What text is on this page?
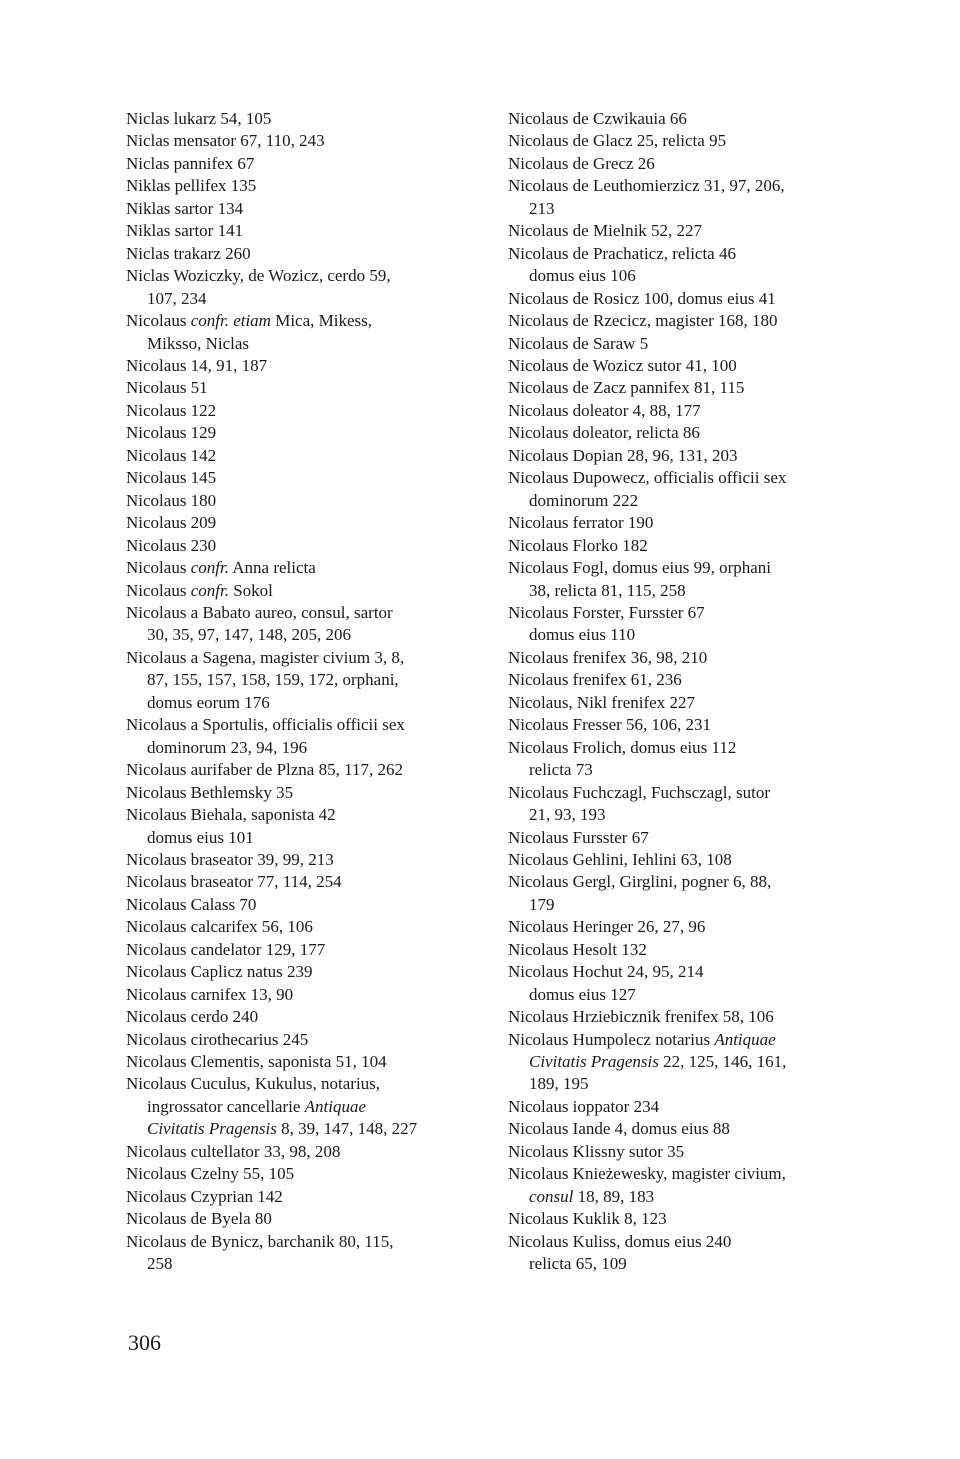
Niclas lukarz 54, 105
Niclas mensator 67, 110, 243
Niclas pannifex 67
Niklas pellifex 135
Niklas sartor 134
Niklas sartor 141
Niclas trakarz 260
Niclas Woziczky, de Wozicz, cerdo 59,
107, 234
Nicolaus confr. etiam Mica, Mikess,
Miksso, Niclas
Nicolaus 14, 91, 187
Nicolaus 51
Nicolaus 122
Nicolaus 129
Nicolaus 142
Nicolaus 145
Nicolaus 180
Nicolaus 209
Nicolaus 230
Nicolaus confr. Anna relicta
Nicolaus confr. Sokol
Nicolaus a Babato aureo, consul, sartor
30, 35, 97, 147, 148, 205, 206
Nicolaus a Sagena, magister civium 3, 8,
87, 155, 157, 158, 159, 172, orphani,
domus eorum 176
Nicolaus a Sportulis, officialis officii sex
dominorum 23, 94, 196
Nicolaus aurifaber de Plzna 85, 117, 262
Nicolaus Bethlemsky 35
Nicolaus Biehala, saponista 42
domus eius 101
Nicolaus braseator 39, 99, 213
Nicolaus braseator 77, 114, 254
Nicolaus Calass 70
Nicolaus calcarifex 56, 106
Nicolaus candelator 129, 177
Nicolaus Caplicz natus 239
Nicolaus carnifex 13, 90
Nicolaus cerdo 240
Nicolaus cirothecarius 245
Nicolaus Clementis, saponista 51, 104
Nicolaus Cuculus, Kukulus, notarius,
ingrossator cancellarie Antiquae
Civitatis Pragensis 8, 39, 147, 148, 227
Nicolaus cultellator 33, 98, 208
Nicolaus Czelny 55, 105
Nicolaus Czyprian 142
Nicolaus de Byela 80
Nicolaus de Bynicz, barchanik 80, 115,
258
Nicolaus de Czwikauia 66
Nicolaus de Glacz 25, relicta 95
Nicolaus de Grecz 26
Nicolaus de Leuthomierzicz 31, 97, 206,
213
Nicolaus de Mielnik 52, 227
Nicolaus de Prachaticz, relicta 46
domus eius 106
Nicolaus de Rosicz 100, domus eius 41
Nicolaus de Rzecicz, magister 168, 180
Nicolaus de Saraw 5
Nicolaus de Wozicz sutor 41, 100
Nicolaus de Zacz pannifex 81, 115
Nicolaus doleator 4, 88, 177
Nicolaus doleator, relicta 86
Nicolaus Dopian 28, 96, 131, 203
Nicolaus Dupowecz, officialis officii sex
dominorum 222
Nicolaus ferrator 190
Nicolaus Florko 182
Nicolaus Fogl, domus eius 99, orphani
38, relicta 81, 115, 258
Nicolaus Forster, Fursster 67
domus eius 110
Nicolaus frenifex 36, 98, 210
Nicolaus frenifex 61, 236
Nicolaus, Nikl frenifex 227
Nicolaus Fresser 56, 106, 231
Nicolaus Frolich, domus eius 112
relicta 73
Nicolaus Fuchczagl, Fuchsczagl, sutor
21, 93, 193
Nicolaus Fursster 67
Nicolaus Gehlini, Iehlini 63, 108
Nicolaus Gergl, Girglini, pogner 6, 88,
179
Nicolaus Heringer 26, 27, 96
Nicolaus Hesolt 132
Nicolaus Hochut 24, 95, 214
domus eius 127
Nicolaus Hrziebicznik frenifex 58, 106
Nicolaus Humpolecz notarius Antiquae
Civitatis Pragensis 22, 125, 146, 161,
189, 195
Nicolaus ioppator 234
Nicolaus Iande 4, domus eius 88
Nicolaus Klissny sutor 35
Nicolaus Knieżewesky, magister civium,
consul 18, 89, 183
Nicolaus Kuklik 8, 123
Nicolaus Kuliss, domus eius 240
relicta 65, 109
306
